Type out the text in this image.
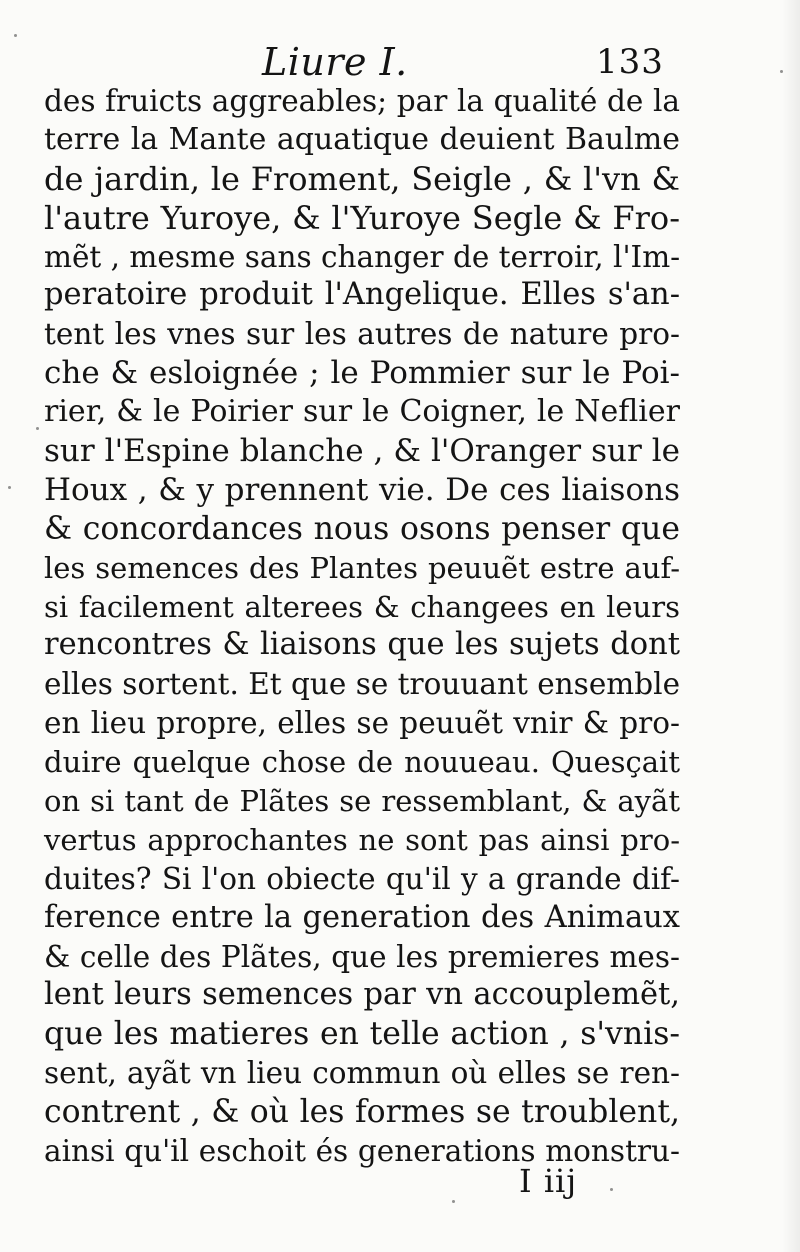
Liure I.	133
des fruicts aggreables; par la qualité de la
terre la Mante aquatique deuient Baulme
de jardin, le Froment, Seigle , & l'vn &
l'autre Yuroye, & l'Yuroye Segle & Fro-
mẽt , mesme sans changer de terroir, l'Im-
peratoire produit l'Angelique. Elles s'an-
tent les vnes sur les autres de nature pro-
che & esloignée ; le Pommier sur le Poi-
rier, & le Poirier sur le Coigner, le Neflier
sur l'Espine blanche , & l'Oranger sur le
Houx , & y prennent vie. De ces liaisons
& concordances nous osons penser que
les semences des Plantes peuuẽt estre auf-
si facilement alterees & changees en leurs
rencontres & liaisons que les sujets dont
elles sortent. Et que se trouuant ensemble
en lieu propre, elles se peuuẽt vnir & pro-
duire quelque chose de nouueau. Quesçait
on si tant de Plãtes se ressemblant, & ayãt
vertus approchantes ne sont pas ainsi pro-
duites? Si l'on obiecte qu'il y a grande dif-
ference entre la generation des Animaux
& celle des Plãtes, que les premieres mes-
lent leurs semences par vn accouplemẽt,
que les matieres en telle action , s'vnis-
sent, ayãt vn lieu commun où elles se ren-
contrent , & où les formes se troublent,
ainsi qu'il eschoit és generations monstru-
I iij
